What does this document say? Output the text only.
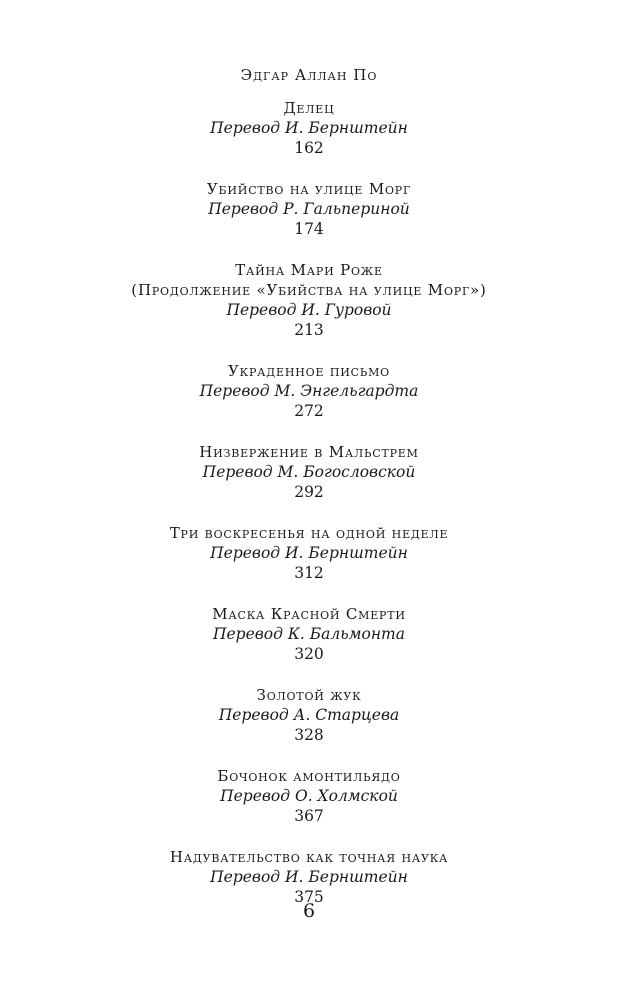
Эдгар Аллан По
Делец
Перевод И. Бернштейн
162
Убийство на улице Морг
Перевод Р. Гальпериной
174
Тайна Мари Роже
(Продолжение «Убийства на улице Морг»)
Перевод И. Гуровой
213
Украденное письмо
Перевод М. Энгельгардта
272
Низвержение в Мальстрем
Перевод М. Богословской
292
Три воскресенья на одной неделе
Перевод И. Бернштейн
312
Маска Красной Смерти
Перевод К. Бальмонта
320
Золотой жук
Перевод А. Старцева
328
Бочонок амонтильядо
Перевод О. Холмской
367
Надувательство как точная наука
Перевод И. Бернштейн
375
6
